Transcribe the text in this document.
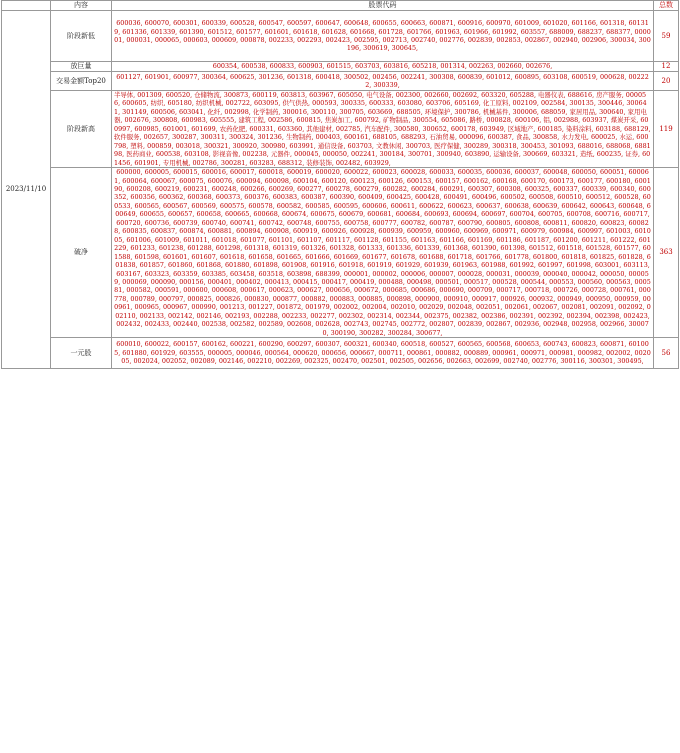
	内容	股票代码	总数
2023/11/10	阶段新低	600036, 600070, 600301, 600339, 600528, 600547, 600597, 600647, 600648, 600655, 600663, 600871, 600916, 600970, 601009, 601020, 601166, 601318, 601319, 601336, 601339, 601390, 601512, 601577, 601601, 601618, 601628, 601668, 601728, 601766, 601963, 601966, 601992, 603557, 688009, 688237, 688377, 000001, 000031, 000065, 000603, 000609, 000878, 002233, 002293, 002423, 002595, 002713, 002740, 002776, 002839, 002853, 002867, 002940, 002906, 300034, 300196, 300619, 300645,	59
	放巨量	600354, 600538, 600833, 600903, 601515, 603703, 603816, 605218, 001314, 002263, 002660, 002676,	12
	交易金额Top20	601127, 601901, 600977, 300364, 600625, 301236, 601318, 600418, 300502, 002456, 002241, 300308, 600839, 601012, 600895, 603108, 600519, 000628, 002222, 300339,	20
	阶段新高	半导体, 001309, 600520, 仓储物流, 300873, 600119, 603813, 603967, 605050, 电气设备, 002300, 002660, 002692, 603320, 605288, 电器仪表, 688616, 房产服务, 000056, 600605, 纺织, 605180, 纺织机械, 002722, 603095, 供气供热, 000593, 300335, 600333, 603080, 603706, 605169, 化工原料, 002109, 002584, 300135, 300446, 300641, 301149, 600506, 603041, 化纤, 002998, 化学制药, 300016, 300110, 300705, 603669, 688505, 环境保护, 300786, 机械基件, 300006, 688059, 家居用品, 300640, 家用电器, 002676, 300808, 600983, 605555, 建筑工程, 002586, 600815, 焦炭加工, 600792, 矿物制品, 300554, 605086, 路桥, 000828, 600106, 铝, 002988, 603937, 煤炭开采, 600997, 600985, 601001, 601699, 农药化肥, 600331, 603360, 其他建材, 002785, 汽车配件, 300580, 300652, 600178, 603949, 区域地产, 600185, 染料涂料, 603188, 688129, 软件服务, 002657, 300287, 300311, 300324, 301236, 生物制药, 000403, 600161, 688105, 688293, 石油贸易, 000096, 600387, 食品, 300858, 水力发电, 600025, 水运, 600798, 塑料, 000859, 003018, 300321, 300920, 300980, 603991, 通信设备, 603703, 文教休闲, 300703, 医疗保健, 300289, 300318, 300453, 301093, 688016, 688068, 688198, 医药商业, 600538, 603108, 影视音像, 002238, 元器件, 000045, 000050, 002241, 300184, 300701, 300940, 603890, 运输设备, 300669, 603321, 造纸, 600235, 证券, 601456, 601901, 专用机械, 002786, 300281, 603283, 688312, 装修装饰, 002482, 603929,	119
	破净	600000, 600005, 600015, 600016, 600017, 600018, 600019, 600020, 600022, 600023, 600028, 600033, 600035, 600036, 600037, 600048, 600050, 600051, 600061, 600064, 600067, 600075, 600076, 600094, 600098, 600104, 600120, 600123, 600126, 600153, 600157, 600162, 600168, 600170, 600173, 600177, 600180, 600190, 600208, 600219, 600231, 600248, 600266, 600269, 600277, 600278, 600279, 600282, 600284, 600291, 600307, 600308, 600325, 600337, 600339, 600340, 600352, 600356, 600362, 600368, 600373, 600376, 600383, 600387, 600390, 600409, 600425, 600428, 600491, 600496, 600502, 600508, 600510, 600512, 600528, 600533, 600565, 600567, 600569, 600575, 600578, 600582, 600585, 600595, 600606, 600611, 600622, 600623, 600637, 600638, 600639, 600642, 600643, 600648, 600649, 600655, 600657, 600658, 600665, 600668, 600674, 600675, 600679, 600681, 600684, 600693, 600694, 600697, 600704, 600705, 600708, 600716, 600717, 600720, 600736, 600739, 600740, 600741, 600742, 600748, 600755, 600758, 600777, 600782, 600787, 600790, 600805, 600808, 600811, 600820, 600823, 600828, 600835, 600837, 600874, 600881, 600894, 600908, 600919, 600926, 600928, 600939, 600959, 600960, 600969, 600971, 600979, 600984, 600997, 601003, 601005, 601006, 601009, 601011, 601018, 601077, 601101, 601107, 601117, 601128, 601155, 601163, 601166, 601169, 601186, 601187, 601200, 601211, 601222, 601229, 601233, 601238, 601288, 601298, 601318, 601319, 601326, 601328, 601333, 601336, 601339, 601368, 601390, 601398, 601512, 601518, 601528, 601577, 601588, 601598, 601601, 601607, 601618, 601658, 601665, 601666, 601669, 601677, 601678, 601688, 601718, 601766, 601778, 601800, 601818, 601825, 601828, 601838, 601857, 601860, 601868, 601880, 601898, 601908, 601916, 601918, 601919, 601929, 601939, 601963, 601988, 601992, 601997, 601998, 603001, 603113, 603167, 603323, 603359, 603385, 603458, 603518, 603898, 688399, 000001, 000002, 000006, 000007, 000028, 000031, 000039, 000040, 000042, 000050, 000059, 000069, 000090, 000156, 000401, 000402, 000413, 000415, 000417, 000419, 000488, 000498, 000501, 000517, 000528, 000544, 000553, 000560, 000563, 000581, 000582, 000591, 000600, 000608, 000617, 000623, 000627, 000656, 000672, 000685, 000686, 000690, 000709, 000717, 000718, 000726, 000728, 000761, 000778, 000789, 000797, 000825, 000826, 000830, 000877, 000882, 000883, 000885, 000898, 000900, 000910, 000917, 000926, 000932, 000949, 000950, 000959, 000961, 000965, 000967, 000990, 001213, 001227, 001872, 001979, 002002, 002004, 002010, 002029, 002048, 002051, 002061, 002067, 002081, 002091, 002092, 002110, 002133, 002142, 002146, 002193, 002288, 002233, 002277, 002302, 002314, 002344, 002375, 002382, 002386, 002391, 002392, 002394, 002398, 002423, 002432, 002433, 002440, 002538, 002582, 002589, 002608, 002628, 002743, 002745, 002772, 002807, 002839, 002867, 002936, 002948, 002958, 002966, 300070, 300190, 300282, 300284, 300677,	363
	一元股	600010, 600022, 600157, 600162, 600221, 600290, 600297, 600307, 600321, 600340, 600518, 600527, 600565, 600568, 600653, 600743, 600823, 600871, 601005, 601880, 601929, 603555, 000005, 000046, 000564, 000620, 000656, 000667, 000711, 000861, 000882, 000889, 000961, 000971, 000981, 000982, 002002, 002005, 002024, 002052, 002089, 002146, 002210, 002269, 002325, 002470, 002501, 002505, 002656, 002663, 002699, 002740, 002776, 300116, 300301, 300495,	56
